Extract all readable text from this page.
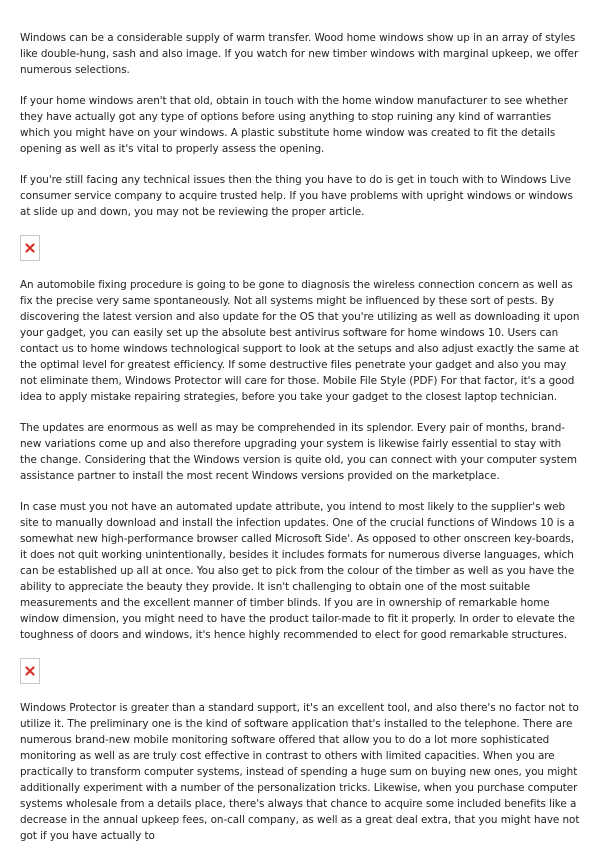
Windows can be a considerable supply of warm transfer. Wood home windows show up in an array of styles like double-hung, sash and also image. If you watch for new timber windows with marginal upkeep, we offer numerous selections.

If your home windows aren't that old, obtain in touch with the home window manufacturer to see whether they have actually got any type of options before using anything to stop ruining any kind of warranties which you might have on your windows. A plastic substitute home window was created to fit the details opening as well as it's vital to properly assess the opening.

If you're still facing any technical issues then the thing you have to do is get in touch with to Windows Live consumer service company to acquire trusted help. If you have problems with upright windows or windows at slide up and down, you may not be reviewing the proper article.

An automobile fixing procedure is going to be gone to diagnosis the wireless connection concern as well as fix the precise very same spontaneously. Not all systems might be influenced by these sort of pests. By discovering the latest version and also update for the OS that you're utilizing as well as downloading it upon your gadget, you can easily set up the absolute best antivirus software for home windows 10. Users can contact us to home windows technological support to look at the setups and also adjust exactly the same at the optimal level for greatest efficiency. If some destructive files penetrate your gadget and also you may not eliminate them, Windows Protector will care for those. Mobile File Style (PDF) For that factor, it's a good idea to apply mistake repairing strategies, before you take your gadget to the closest laptop technician.

The updates are enormous as well as may be comprehended in its splendor. Every pair of months, brand-new variations come up and also therefore upgrading your system is likewise fairly essential to stay with the change. Considering that the Windows version is quite old, you can connect with your computer system assistance partner to install the most recent Windows versions provided on the marketplace.

In case must you not have an automated update attribute, you intend to most likely to the supplier's web site to manually download and install the infection updates. One of the crucial functions of Windows 10 is a somewhat new high-performance browser called Microsoft Side'. As opposed to other onscreen key-boards, it does not quit working unintentionally, besides it includes formats for numerous diverse languages, which can be established up all at once. You also get to pick from the colour of the timber as well as you have the ability to appreciate the beauty they provide. It isn't challenging to obtain one of the most suitable measurements and the excellent manner of timber blinds. If you are in ownership of remarkable home window dimension, you might need to have the product tailor-made to fit it properly. In order to elevate the toughness of doors and windows, it's hence highly recommended to elect for good remarkable structures.

Windows Protector is greater than a standard support, it's an excellent tool, and also there's no factor not to utilize it. The preliminary one is the kind of software application that's installed to the telephone. There are numerous brand-new mobile monitoring software offered that allow you to do a lot more sophisticated monitoring as well as are truly cost effective in contrast to others with limited capacities. When you are practically to transform computer systems, instead of spending a huge sum on buying new ones, you might additionally experiment with a number of the personalization tricks. Likewise, when you purchase computer systems wholesale from a details place, there's always that chance to acquire some included benefits like a decrease in the annual upkeep fees, on-call company, as well as a great deal extra, that you might have not got if you have actually to
